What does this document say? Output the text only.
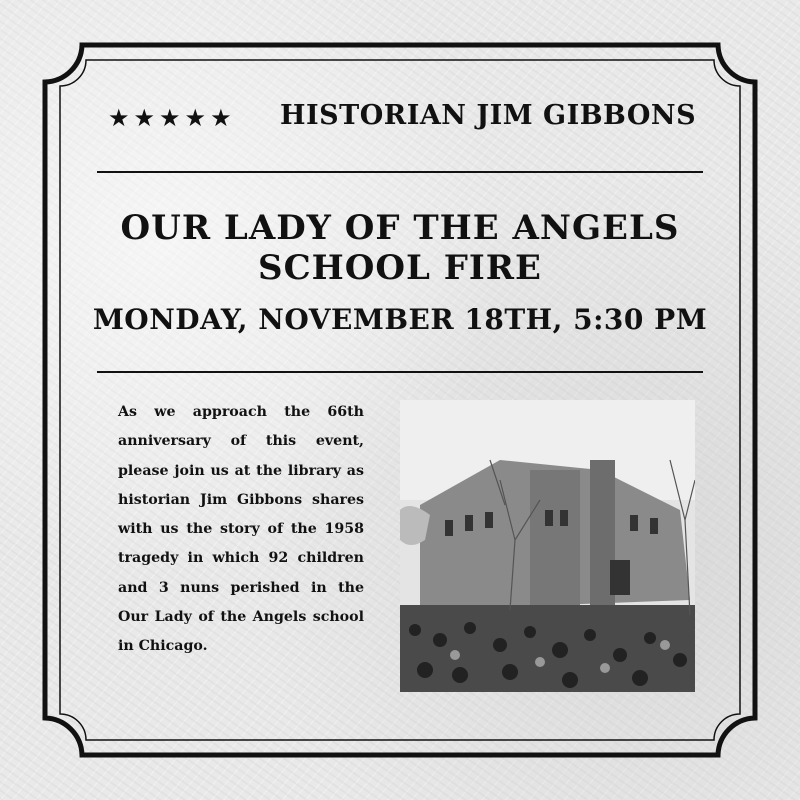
★★★★★ HISTORIAN JIM GIBBONS
OUR LADY OF THE ANGELS
SCHOOL FIRE
MONDAY, NOVEMBER 18TH, 5:30 PM
As we approach the 66th anniversary of this event, please join us at the library as historian Jim Gibbons shares with us the story of the 1958 tragedy in which 92 children and 3 nuns perished in the Our Lady of the Angels school in Chicago.
